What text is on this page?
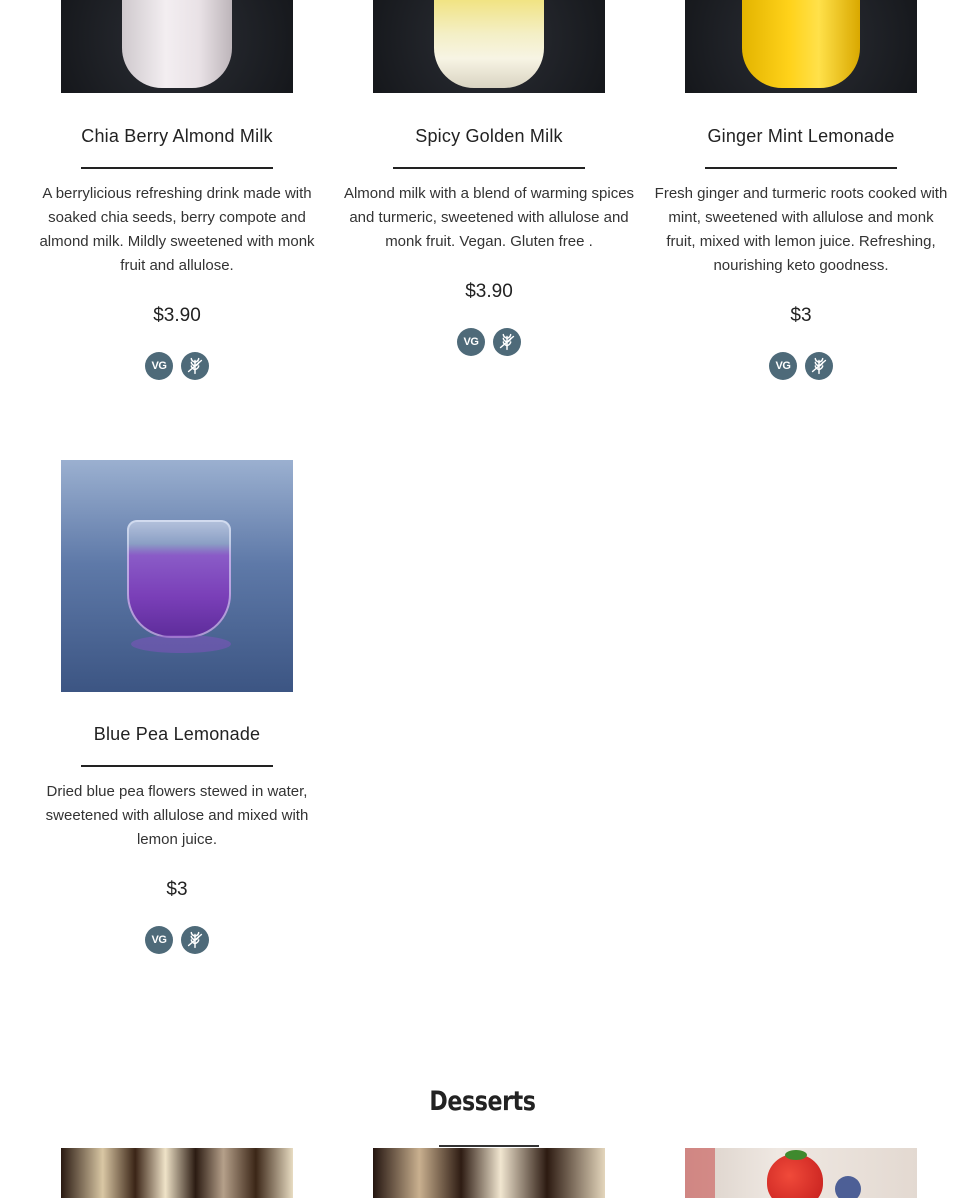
Chia Berry Almond Milk
A berrylicious refreshing drink made with soaked chia seeds, berry compote and almond milk. Mildly sweetened with monk fruit and allulose.
$3.90
VG
Spicy Golden Milk
Almond milk with a blend of warming spices and turmeric, sweetened with allulose and monk fruit. Vegan. Gluten free .
$3.90
VG
Ginger Mint Lemonade
Fresh ginger and turmeric roots cooked with mint, sweetened with allulose and monk fruit, mixed with lemon juice. Refreshing, nourishing keto goodness.
$3
VG
Blue Pea Lemonade
Dried blue pea flowers stewed in water, sweetened with allulose and mixed with lemon juice.
$3
VG
Desserts
